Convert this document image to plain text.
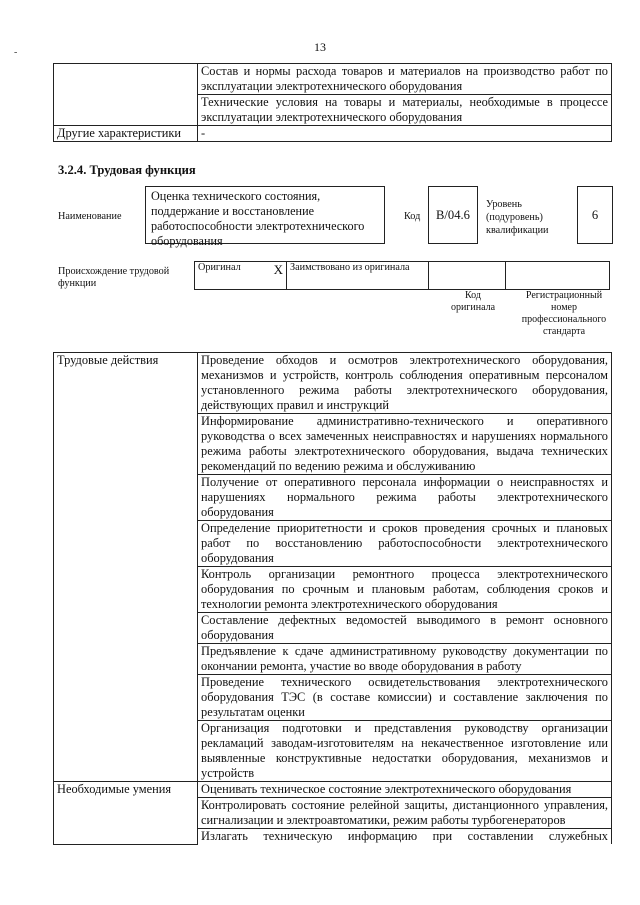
13
-
	Состав и нормы расхода товаров и материалов на производство работ по эксплуатации электротехнического оборудования
	Технические условия на товары и материалы, необходимые в процессе эксплуатации электротехнического оборудования
Другие характеристики	-
3.2.4. Трудовая функция
Наименование
Оценка технического состояния, поддержание и восстановление работоспособности электротехнического оборудования
Код	B/04.6
Уровень (подуровень) квалификации
6
Происхождение трудовой функции
Оригинал	X	Заимствовано из оригинала		
Код оригинала
Регистрационный номер профессионального стандарта
Трудовые действия	Проведение обходов и осмотров электротехнического оборудования, механизмов и устройств, контроль соблюдения оперативным персоналом установленного режима работы электротехнического оборудования, действующих правил и инструкций
	Информирование административно-технического и оперативного руководства о всех замеченных неисправностях и нарушениях нормального режима работы электротехнического оборудования, выдача технических рекомендаций по ведению режима и обслуживанию
	Получение от оперативного персонала информации о неисправностях и нарушениях нормального режима работы электротехнического оборудования
	Определение приоритетности и сроков проведения срочных и плановых работ по восстановлению работоспособности электротехнического оборудования
	Контроль организации ремонтного процесса электротехнического оборудования по срочным и плановым работам, соблюдения сроков и технологии ремонта электротехнического оборудования
	Составление дефектных ведомостей выводимого в ремонт основного оборудования
	Предъявление к сдаче административному руководству документации по окончании ремонта, участие во вводе оборудования в работу
	Проведение технического освидетельствования электротехнического оборудования ТЭС (в составе комиссии) и составление заключения по результатам оценки
	Организация подготовки и представления руководству организации рекламаций заводам-изготовителям на некачественное изготовление или выявленные конструктивные недостатки оборудования, механизмов и устройств
Необходимые умения	Оценивать техническое состояние электротехнического оборудования
	Контролировать состояние релейной защиты, дистанционного управления, сигнализации и электроавтоматики, режим работы турбогенераторов
	Излагать техническую информацию при составлении служебных
